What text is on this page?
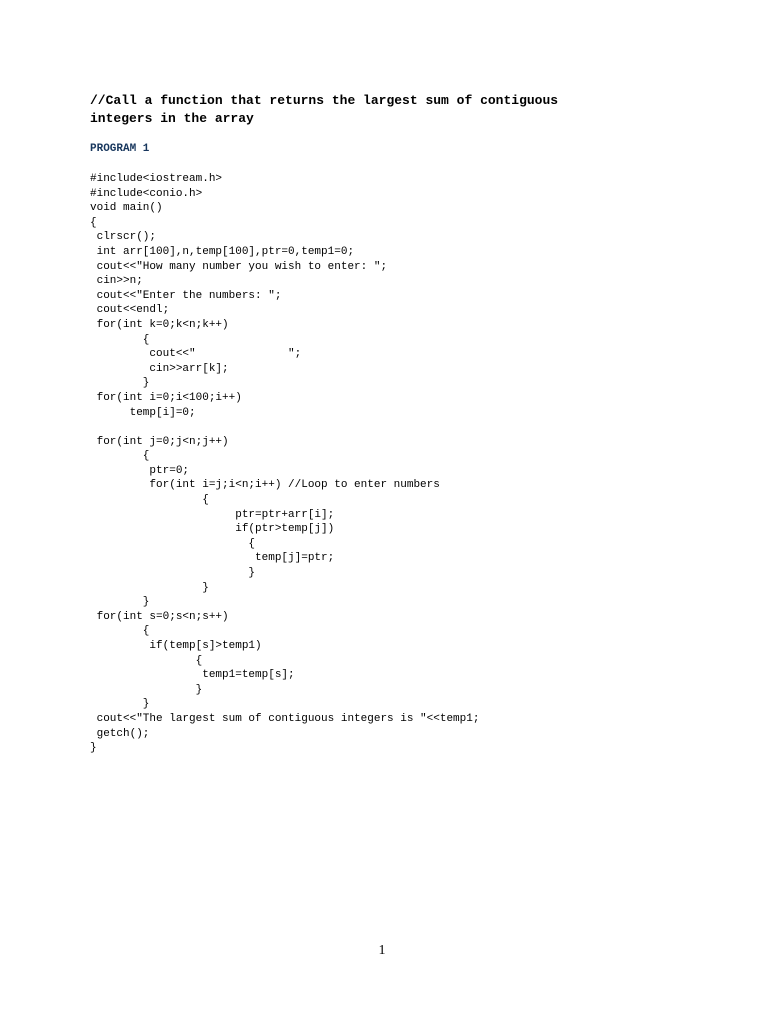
//Call a function that returns the largest sum of contiguous
integers in the array
PROGRAM 1
#include<iostream.h>
#include<conio.h>
void main()
{
clrscr();
int arr[100],n,temp[100],ptr=0,temp1=0;
cout<<"How many number you wish to enter: ";
cin>>n;
cout<<"Enter the numbers: ";
cout<<endl;
for(int k=0;k<n;k++)
{
cout<<"              ";
cin>>arr[k];
}
for(int i=0;i<100;i++)
temp[i]=0;
for(int j=0;j<n;j++)
{
ptr=0;
for(int i=j;i<n;i++) //Loop to enter numbers
{
ptr=ptr+arr[i];
if(ptr>temp[j])
{
temp[j]=ptr;
}
}
}
for(int s=0;s<n;s++)
{
if(temp[s]>temp1)
{
temp1=temp[s];
}
}
cout<<"The largest sum of contiguous integers is "<<temp1;
getch();
}
1
